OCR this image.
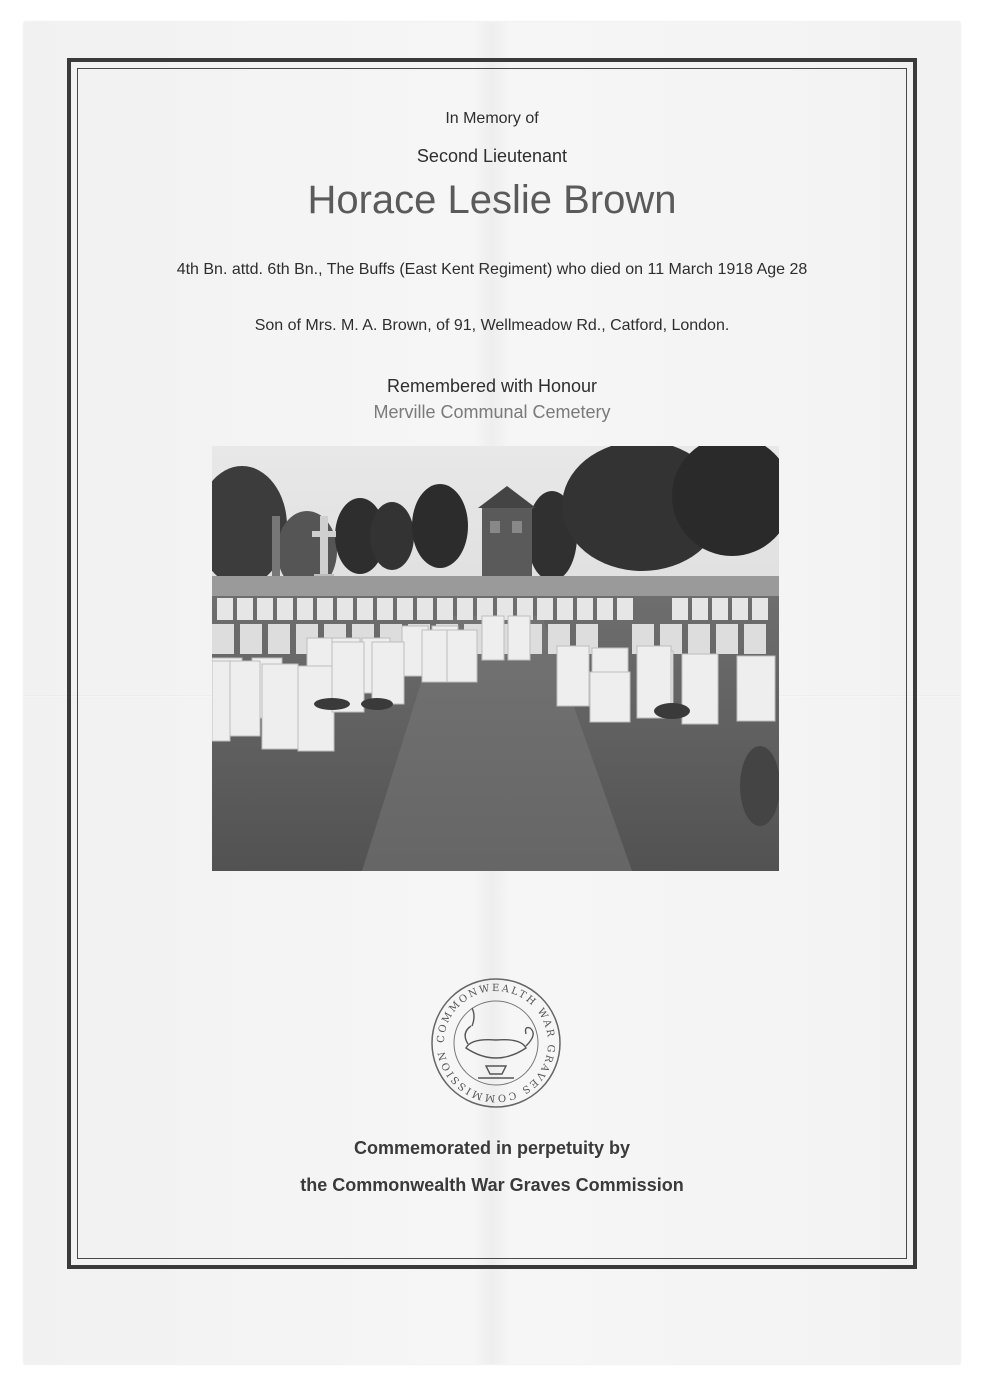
In Memory of
Second Lieutenant
Horace Leslie Brown
4th Bn. attd. 6th Bn., The Buffs (East Kent Regiment) who died on 11 March 1918 Age 28
Son of Mrs. M. A. Brown, of 91, Wellmeadow Rd., Catford, London.
Remembered with Honour
Merville Communal Cemetery
COMMONWEALTH WAR GRAVES COMMISSION
Commemorated in perpetuity by
the Commonwealth War Graves Commission
